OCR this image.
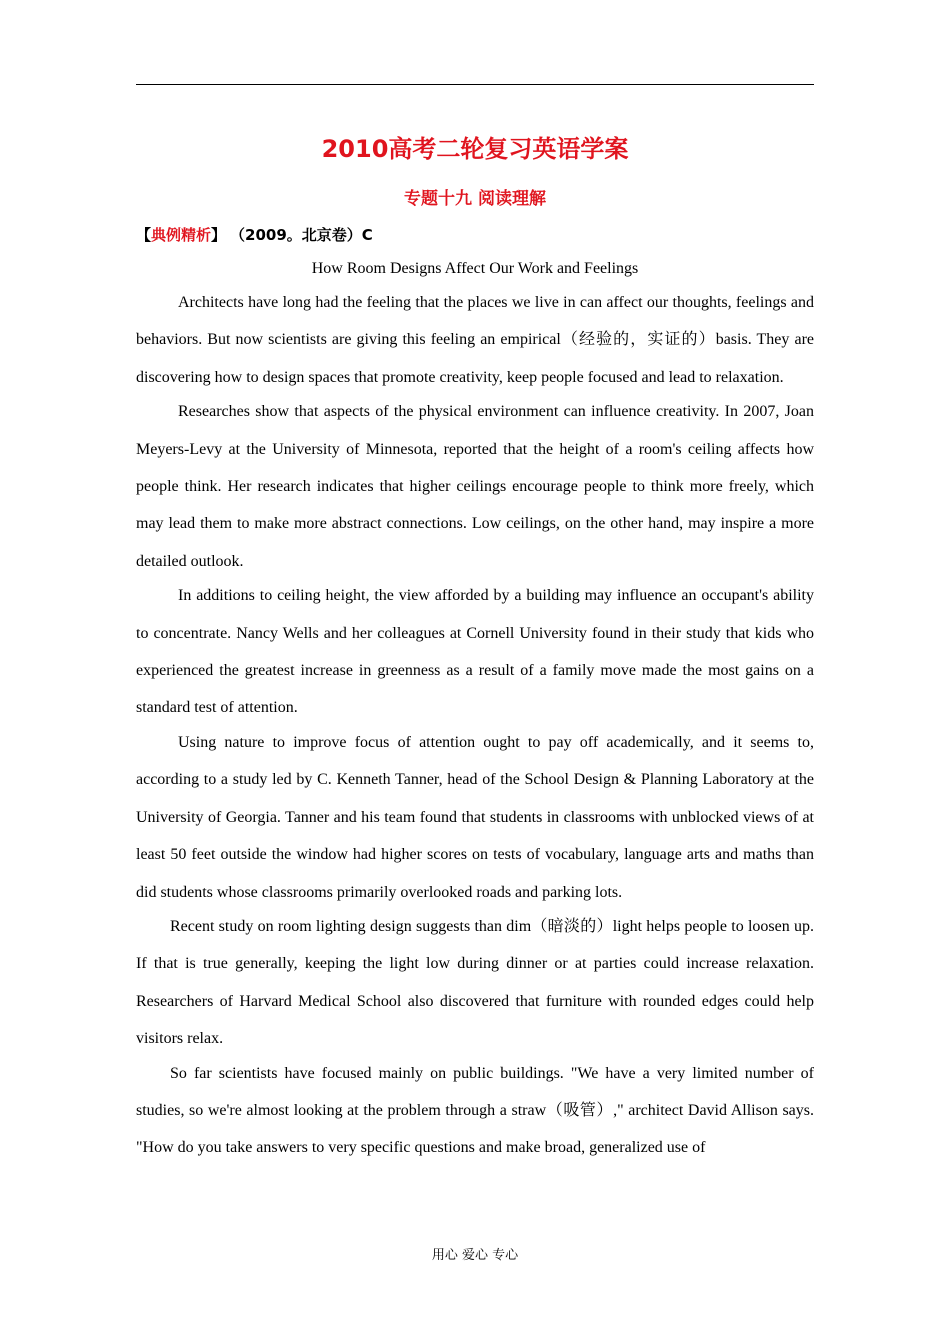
2010高考二轮复习英语学案
专题十九 阅读理解
【典例精析】 （2009。北京卷）C
How Room Designs Affect Our Work and Feelings

Architects have long had the feeling that the places we live in can affect our thoughts, feelings and behaviors. But now scientists are giving this feeling an empirical（经验的，实证的）basis. They are discovering how to design spaces that promote creativity, keep people focused and lead to relaxation.

Researches show that aspects of the physical environment can influence creativity. In 2007, Joan Meyers-Levy at the University of Minnesota, reported that the height of a room's ceiling affects how people think. Her research indicates that higher ceilings encourage people to think more freely, which may lead them to make more abstract connections. Low ceilings, on the other hand, may inspire a more detailed outlook.

In additions to ceiling height, the view afforded by a building may influence an occupant's ability to concentrate. Nancy Wells and her colleagues at Cornell University found in their study that kids who experienced the greatest increase in greenness as a result of a family move made the most gains on a standard test of attention.

Using nature to improve focus of attention ought to pay off academically, and it seems to, according to a study led by C. Kenneth Tanner, head of the School Design & Planning Laboratory at the University of Georgia. Tanner and his team found that students in classrooms with unblocked views of at least 50 feet outside the window had higher scores on tests of vocabulary, language arts and maths than did students whose classrooms primarily overlooked roads and parking lots.

Recent study on room lighting design suggests than dim（暗淡的）light helps people to loosen up. If that is true generally, keeping the light low during dinner or at parties could increase relaxation. Researchers of Harvard Medical School also discovered that furniture with rounded edges could help visitors relax.

So far scientists have focused mainly on public buildings. "We have a very limited number of studies, so we're almost looking at the problem through a straw（吸管）," architect David Allison says. "How do you take answers to very specific questions and make broad, generalized use of

用心 爱心 专心
